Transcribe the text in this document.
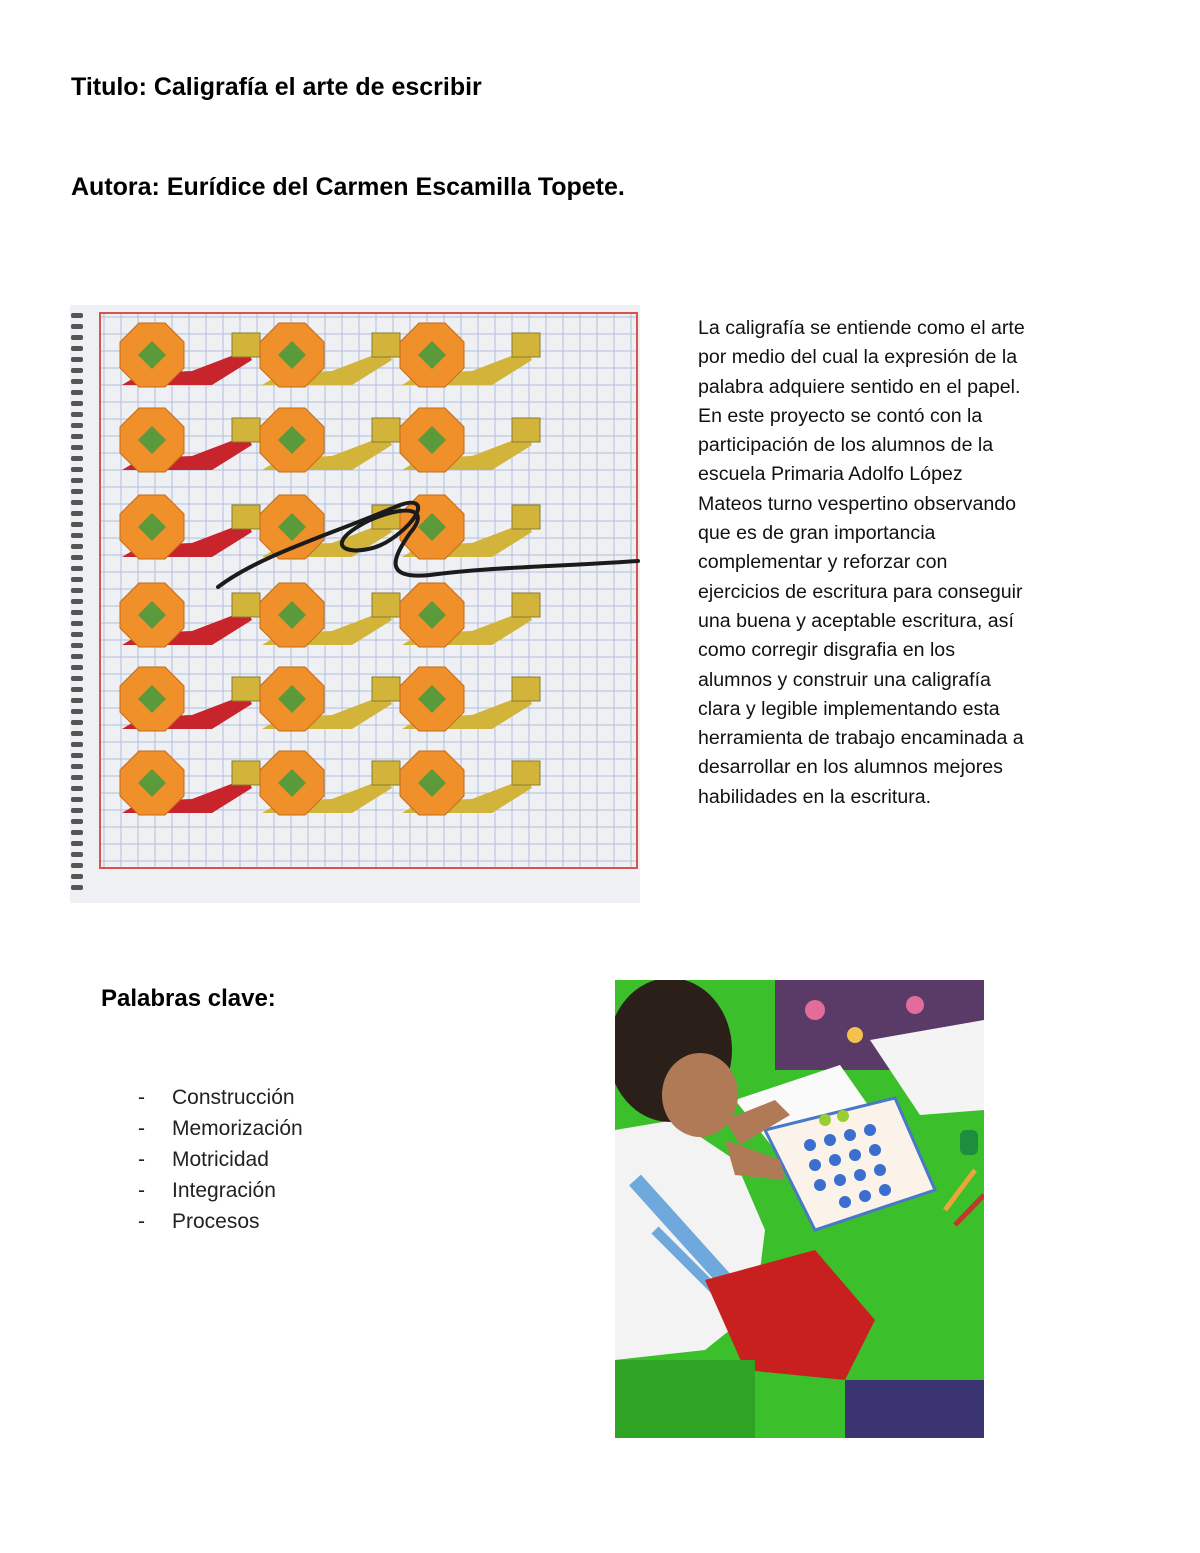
Titulo: Caligrafía el arte de escribir
Autora: Eurídice del Carmen Escamilla Topete.

La caligrafía se entiende como el arte
por medio del cual la expresión de la
palabra adquiere sentido en el papel.
En este proyecto se contó con la
participación de los alumnos de la
escuela Primaria Adolfo López
Mateos turno vespertino observando
que es de gran importancia
complementar y reforzar con
ejercicios de escritura para conseguir
una buena y aceptable escritura, así
como corregir disgrafia en los
alumnos y construir una caligrafía
clara y legible implementando esta
herramienta de trabajo encaminada a
desarrollar en los alumnos mejores
habilidades en la escritura.

Palabras clave:
- Construcción
- Memorización
- Motricidad
- Integración
- Procesos
